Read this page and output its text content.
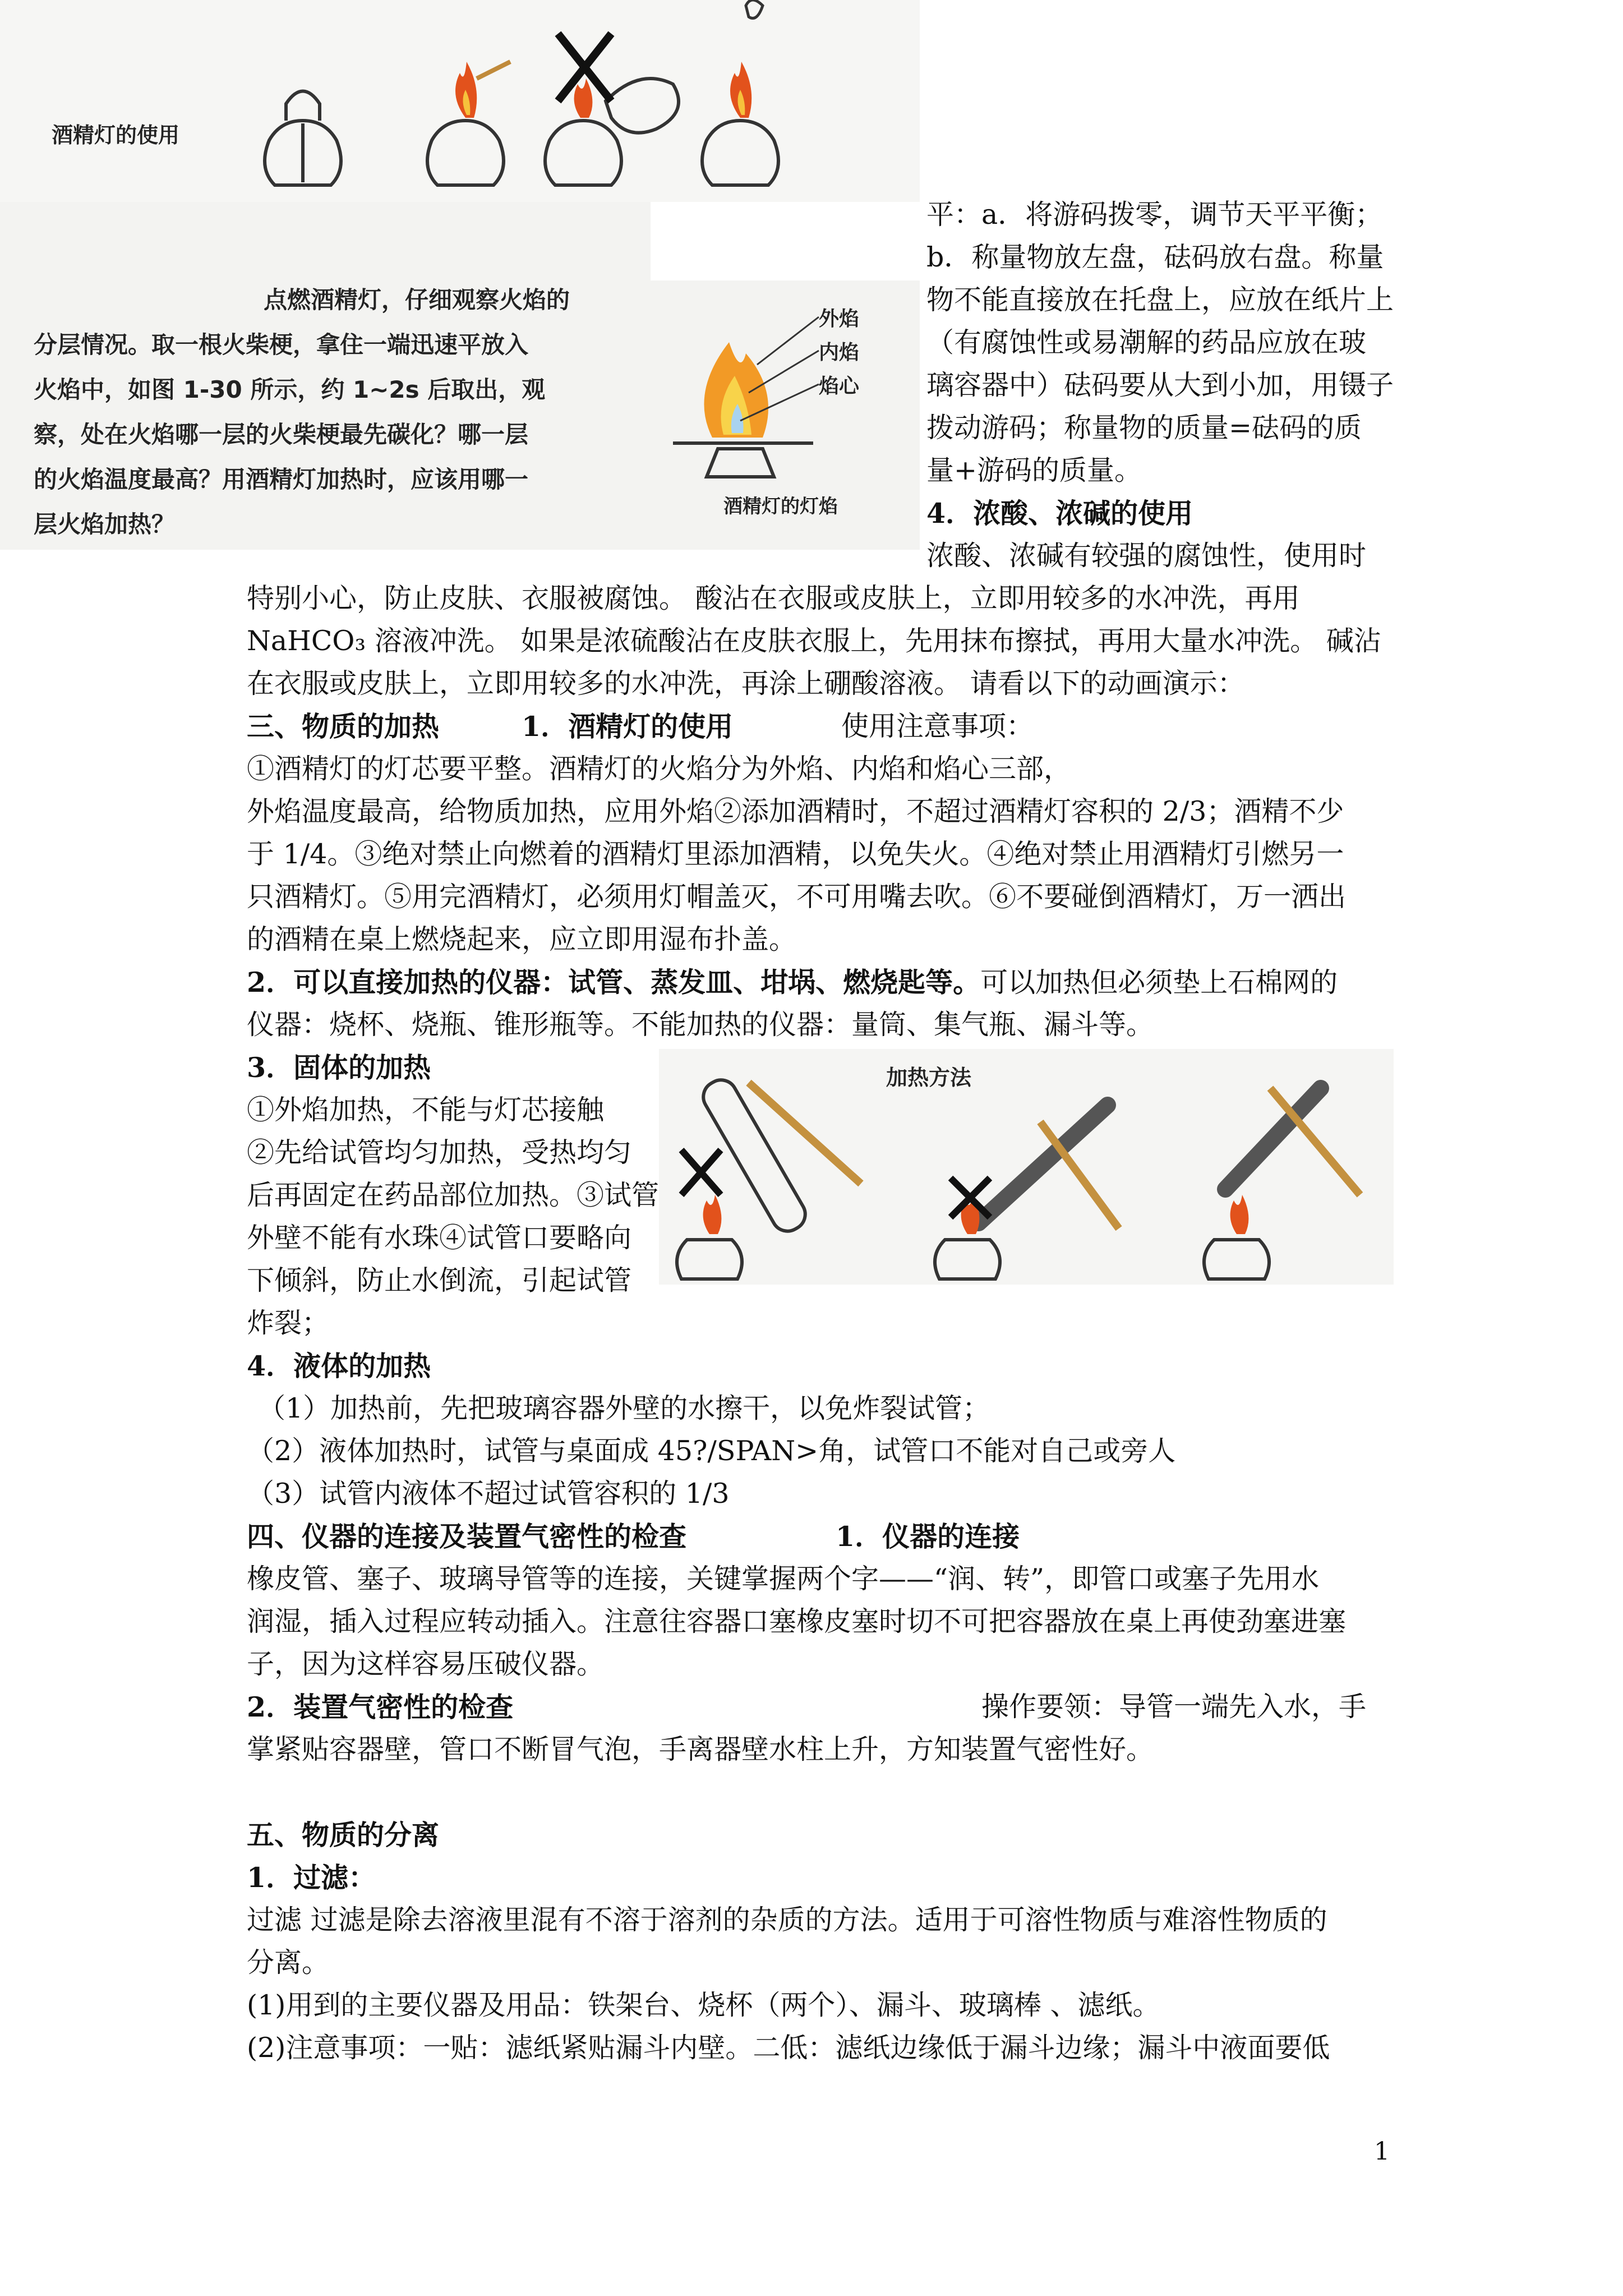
酒精灯的使用
点燃酒精灯，仔细观察火焰的
分层情况。取一根火柴梗，拿住一端迅速平放入
火焰中，如图 1-30 所示，约 1~2s 后取出，观
察，处在火焰哪一层的火柴梗最先碳化？哪一层
的火焰温度最高？用酒精灯加热时，应该用哪一
层火焰加热？
外焰
内焰
焰心
酒精灯的灯焰
平：a．将游码拨零，调节天平平衡；
b．称量物放左盘，砝码放右盘。称量
物不能直接放在托盘上，应放在纸片上
（有腐蚀性或易潮解的药品应放在玻
璃容器中）砝码要从大到小加，用镊子
拨动游码；称量物的质量=砝码的质
量+游码的质量。
4．浓酸、浓碱的使用
浓酸、浓碱有较强的腐蚀性，使用时
特别小心，防止皮肤、衣服被腐蚀。 酸沾在衣服或皮肤上，立即用较多的水冲洗，再用
NaHCO₃ 溶液冲洗。 如果是浓硫酸沾在皮肤衣服上，先用抹布擦拭，再用大量水冲洗。 碱沾
在衣服或皮肤上，立即用较多的水冲洗，再涂上硼酸溶液。 请看以下的动画演示：
三、物质的加热	1．酒精灯的使用	使用注意事项：
①酒精灯的灯芯要平整。酒精灯的火焰分为外焰、内焰和焰心三部，
外焰温度最高，给物质加热，应用外焰②添加酒精时，不超过酒精灯容积的 2/3；酒精不少
于 1/4。③绝对禁止向燃着的酒精灯里添加酒精，以免失火。④绝对禁止用酒精灯引燃另一
只酒精灯。⑤用完酒精灯，必须用灯帽盖灭，不可用嘴去吹。⑥不要碰倒酒精灯，万一洒出
的酒精在桌上燃烧起来，应立即用湿布扑盖。
2．可以直接加热的仪器：试管、蒸发皿、坩埚、燃烧匙等。可以加热但必须垫上石棉网的
仪器：烧杯、烧瓶、锥形瓶等。不能加热的仪器：量筒、集气瓶、漏斗等。
3．固体的加热
①外焰加热，不能与灯芯接触
②先给试管均匀加热，受热均匀
后再固定在药品部位加热。③试管
外壁不能有水珠④试管口要略向
下倾斜，防止水倒流，引起试管
炸裂；
加热方法
4．液体的加热
（1）加热前，先把玻璃容器外壁的水擦干，以免炸裂试管；
（2）液体加热时，试管与桌面成 45?/SPAN>角，试管口不能对自己或旁人
（3）试管内液体不超过试管容积的 1/3
四、仪器的连接及装置气密性的检查	1．仪器的连接
橡皮管、塞子、玻璃导管等的连接，关键掌握两个字——“润、转”，即管口或塞子先用水
润湿，插入过程应转动插入。注意往容器口塞橡皮塞时切不可把容器放在桌上再使劲塞进塞
子，因为这样容易压破仪器。
2．装置气密性的检查	操作要领：导管一端先入水，手
掌紧贴容器壁，管口不断冒气泡，手离器壁水柱上升，方知装置气密性好。
五、物质的分离
1．过滤：
过滤 过滤是除去溶液里混有不溶于溶剂的杂质的方法。适用于可溶性物质与难溶性物质的
分离。
(1)用到的主要仪器及用品：铁架台、烧杯（两个）、漏斗、玻璃棒 、滤纸。
(2)注意事项：一贴：滤纸紧贴漏斗内壁。二低：滤纸边缘低于漏斗边缘；漏斗中液面要低
1
